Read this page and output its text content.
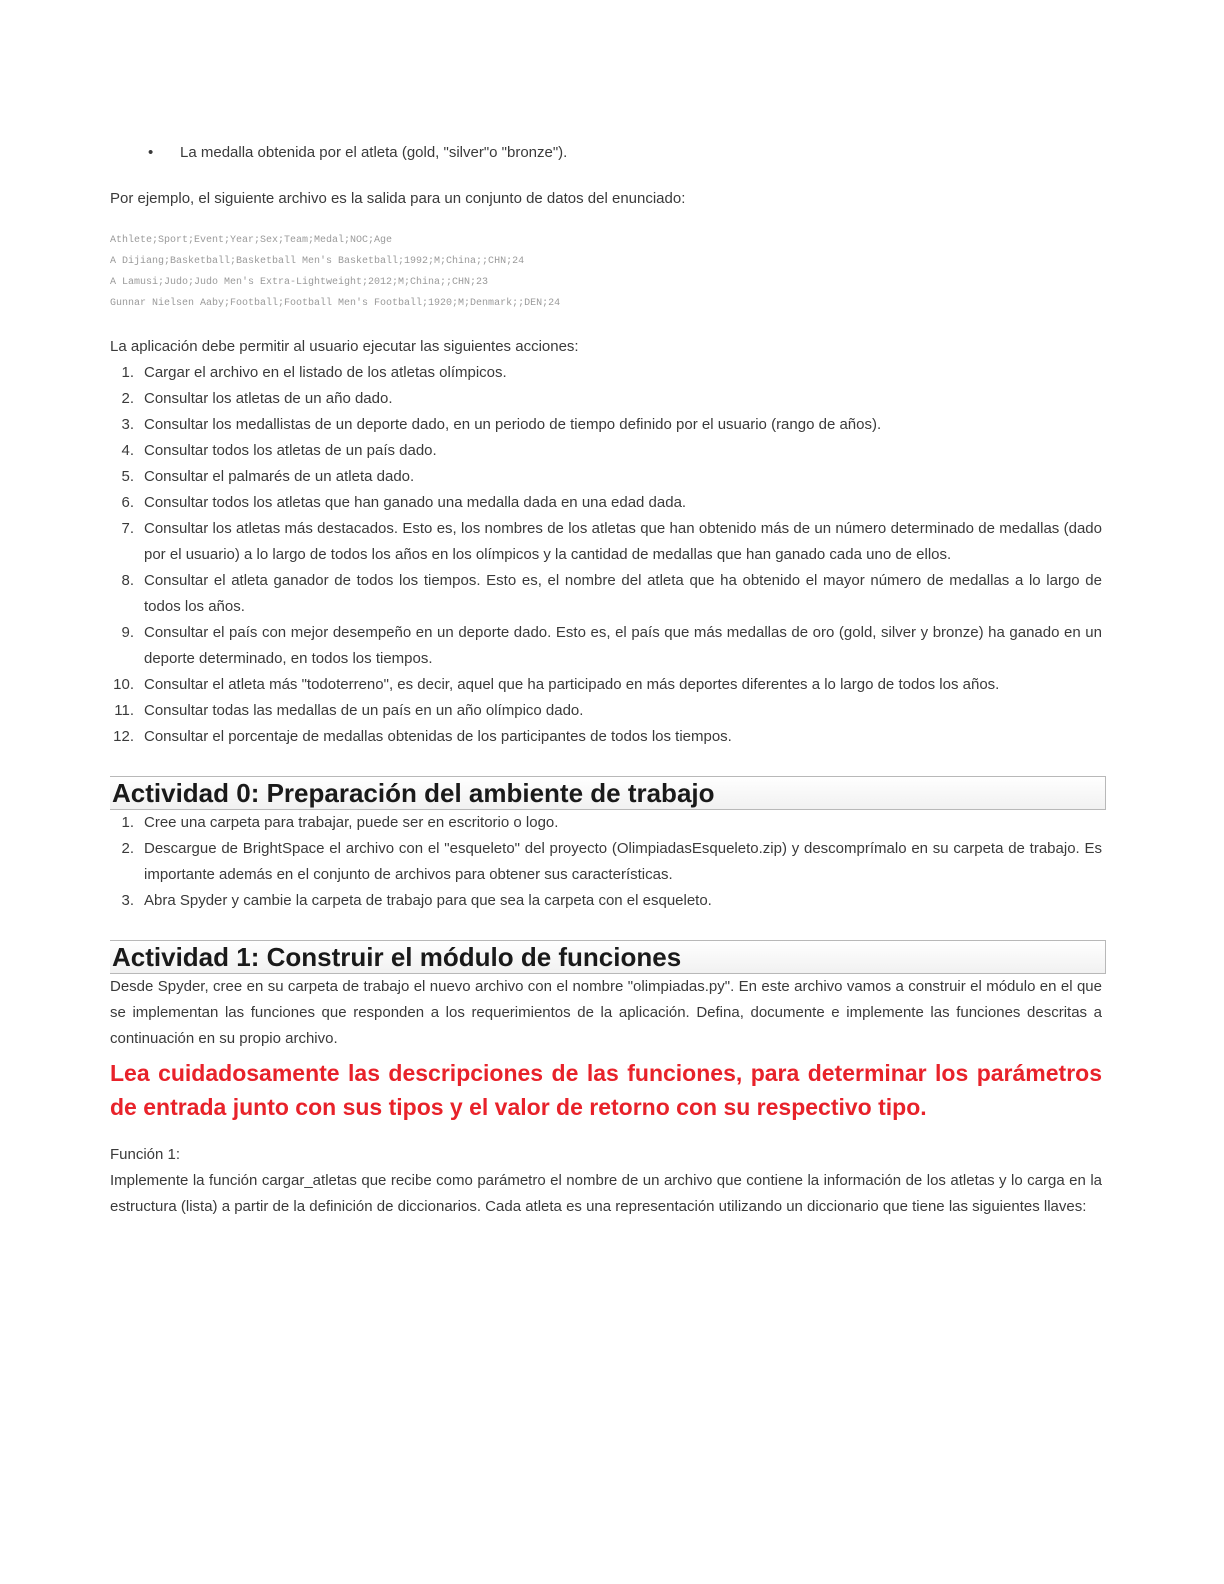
•	La medalla obtenida por el atleta (gold, "silver"o "bronze").

Por ejemplo, el siguiente archivo es la salida para un conjunto de datos del enunciado:

Athlete;Sport;Event;Year;Sex;Team;Medal;NOC;Age
A Dijiang;Basketball;Basketball Men's Basketball;1992;M;China;;CHN;24
A Lamusi;Judo;Judo Men's Extra-Lightweight;2012;M;China;;CHN;23
Gunnar Nielsen Aaby;Football;Football Men's Football;1920;M;Denmark;;DEN;24

La aplicación debe permitir al usuario ejecutar las siguientes acciones:

1. Cargar el archivo en el listado de los atletas olímpicos.
2. Consultar los atletas de un año dado.
3. Consultar los medallistas de un deporte dado, en un periodo de tiempo definido por el usuario (rango de años).
4. Consultar todos los atletas de un país dado.
5. Consultar el palmarés de un atleta dado.
6. Consultar todos los atletas que han ganado una medalla dada en una edad dada.
7. Consultar los atletas más destacados. Esto es, los nombres de los atletas que han obtenido más de un número determinado de medallas (dado por el usuario) a lo largo de todos los años en los olímpicos y la cantidad de medallas que han ganado cada uno de ellos.
8. Consultar el atleta ganador de todos los tiempos. Esto es, el nombre del atleta que ha obtenido el mayor número de medallas a lo largo de todos los años.
9. Consultar el país con mejor desempeño en un deporte dado. Esto es, el país que más medallas de oro (gold, silver y bronze) ha ganado en un deporte determinado, en todos los tiempos.
10. Consultar el atleta más "todoterreno", es decir, aquel que ha participado en más deportes diferentes a lo largo de todos los años.
11. Consultar todas las medallas de un país en un año olímpico dado.
12. Consultar el porcentaje de medallas obtenidas de los participantes de todos los tiempos.
Actividad 0: Preparación del ambiente de trabajo
1. Cree una carpeta para trabajar, puede ser en escritorio o logo.
2. Descargue de BrightSpace el archivo con el "esqueleto" del proyecto (OlimpiadasEsqueleto.zip) y descomprímalo en su carpeta de trabajo. Es importante además en el conjunto de archivos para obtener sus características.
3. Abra Spyder y cambie la carpeta de trabajo para que sea la carpeta con el esqueleto.
Actividad 1: Construir el módulo de funciones

Desde Spyder, cree en su carpeta de trabajo el nuevo archivo con el nombre "olimpiadas.py". En este archivo vamos a construir el módulo en el que se implementan las funciones que responden a los requerimientos de la aplicación. Defina, documente e implemente las funciones descritas a continuación en su propio archivo.

Lea cuidadosamente las descripciones de las funciones, para determinar los parámetros de entrada junto con sus tipos y el valor de retorno con su respectivo tipo.

Función 1:

Implemente la función cargar_atletas que recibe como parámetro el nombre de un archivo que contiene la información de los atletas y lo carga en la estructura (lista) a partir de la definición de diccionarios. Cada atleta es una representación utilizando un diccionario que tiene las siguientes llaves:
